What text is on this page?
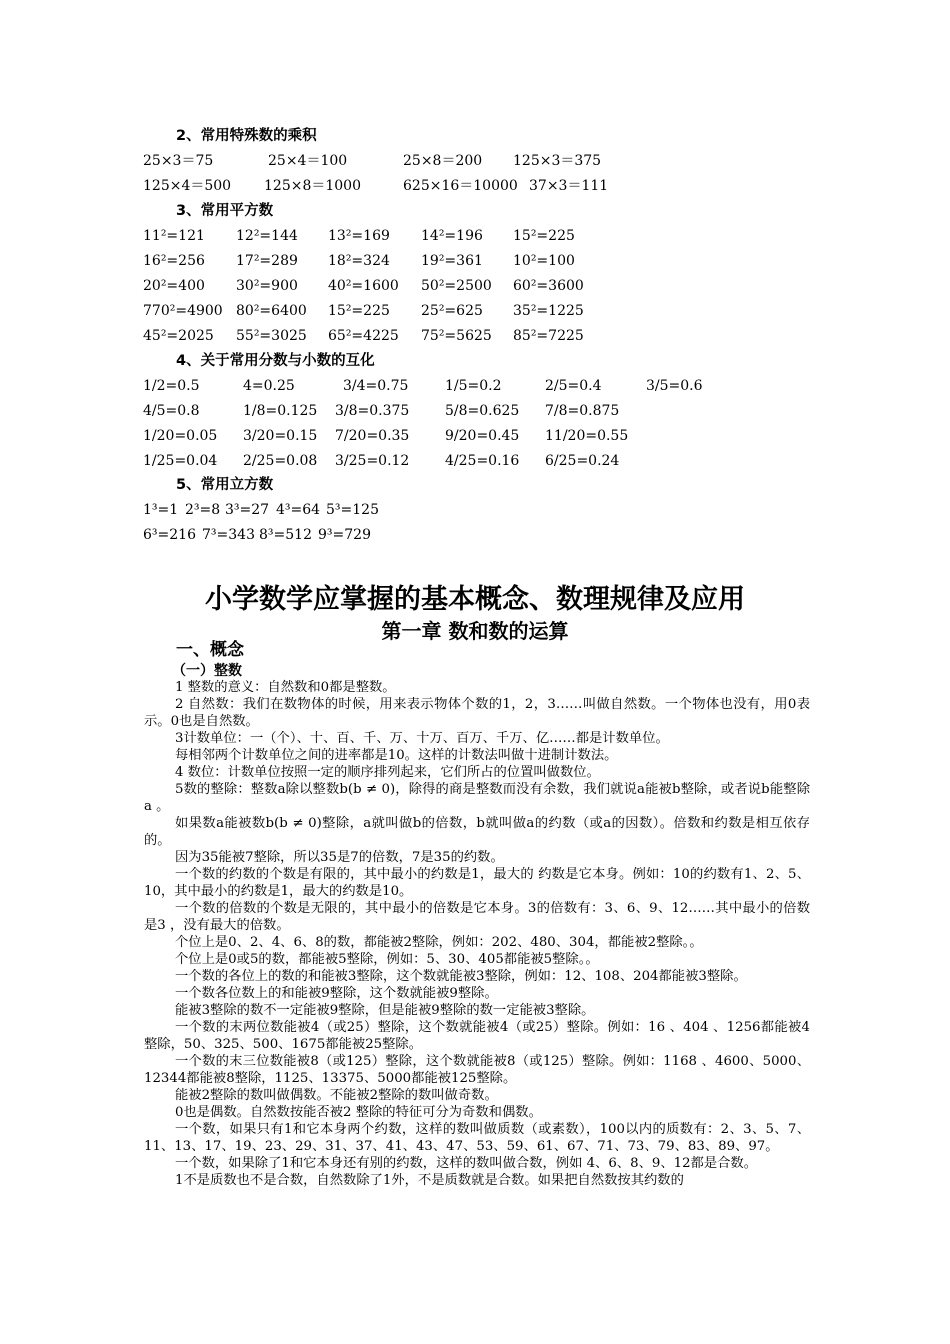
2、常用特殊数的乘积
25×3＝75	25×4＝100	25×8＝200 125×3＝375
125×4＝500 125×8＝1000	625×16＝10000 37×3＝111
3、常用平方数
11²=121 12²=144 13²=169 14²=196 15²=225
16²=256 17²=289 18²=324 19²=361 10²=100
20²=400 30²=900 40²=1600 50²=2500 60²=3600
770²=4900 80²=6400 15²=225 25²=625 35²=1225
45²=2025 55²=3025 65²=4225 75²=5625 85²=7225
4、关于常用分数与小数的互化
1/2=0.5	4=0.25	3/4=0.75	1/5=0.2	2/5=0.4	3/5=0.6
4/5=0.8	1/8=0.125 3/8=0.375	5/8=0.625 7/8=0.875
1/20=0.05 3/20=0.15 7/20=0.35	9/20=0.45 11/20=0.55
1/25=0.04 2/25=0.08 3/25=0.12	4/25=0.16 6/25=0.24
5、常用立方数
1³=1 2³=8 3³=27 4³=64 5³=125
6³=216 7³=343 8³=512 9³=729
小学数学应掌握的基本概念、数理规律及应用
第一章 数和数的运算
一、概念
（一）整数

1 整数的意义：自然数和0都是整数。

2 自然数：我们在数物体的时候，用来表示物体个数的1，2，3……叫做自然数。一个物体也没有，用0表示。0也是自然数。

3计数单位：一（个）、十、百、千、万、十万、百万、千万、亿……都是计数单位。

每相邻两个计数单位之间的进率都是10。这样的计数法叫做十进制计数法。

4 数位：计数单位按照一定的顺序排列起来，它们所占的位置叫做数位。

5数的整除：整数a除以整数b(b ≠ 0)，除得的商是整数而没有余数，我们就说a能被b整除，或者说b能整除a 。

如果数a能被数b(b ≠ 0)整除，a就叫做b的倍数，b就叫做a的约数（或a的因数）。倍数和约数是相互依存的。

因为35能被7整除，所以35是7的倍数，7是35的约数。

一个数的约数的个数是有限的，其中最小的约数是1，最大的 约数是它本身。例如：10的约数有1、2、5、10，其中最小的约数是1，最大的约数是10。

一个数的倍数的个数是无限的，其中最小的倍数是它本身。3的倍数有：3、6、9、12……其中最小的倍数是3 ，没有最大的倍数。

个位上是0、2、4、6、8的数，都能被2整除，例如：202、480、304，都能被2整除。。

个位上是0或5的数，都能被5整除，例如：5、30、405都能被5整除。。

一个数的各位上的数的和能被3整除，这个数就能被3整除，例如：12、108、204都能被3整除。

一个数各位数上的和能被9整除，这个数就能被9整除。

能被3整除的数不一定能被9整除，但是能被9整除的数一定能被3整除。

一个数的末两位数能被4（或25）整除，这个数就能被4（或25）整除。例如：16 、404 、1256都能被4整除，50、325、500、1675都能被25整除。

一个数的末三位数能被8（或125）整除，这个数就能被8（或125）整除。例如：1168 、4600、5000、12344都能被8整除，1125、13375、5000都能被125整除。

能被2整除的数叫做偶数。不能被2整除的数叫做奇数。

0也是偶数。自然数按能否被2 整除的特征可分为奇数和偶数。

一个数，如果只有1和它本身两个约数，这样的数叫做质数（或素数），100以内的质数有：2、3、5、7、11、13、17、19、23、29、31、37、41、43、47、53、59、61、67、71、73、79、83、89、97。

一个数，如果除了1和它本身还有别的约数，这样的数叫做合数，例如 4、6、8、9、12都是合数。

1不是质数也不是合数，自然数除了1外，不是质数就是合数。如果把自然数按其约数的
